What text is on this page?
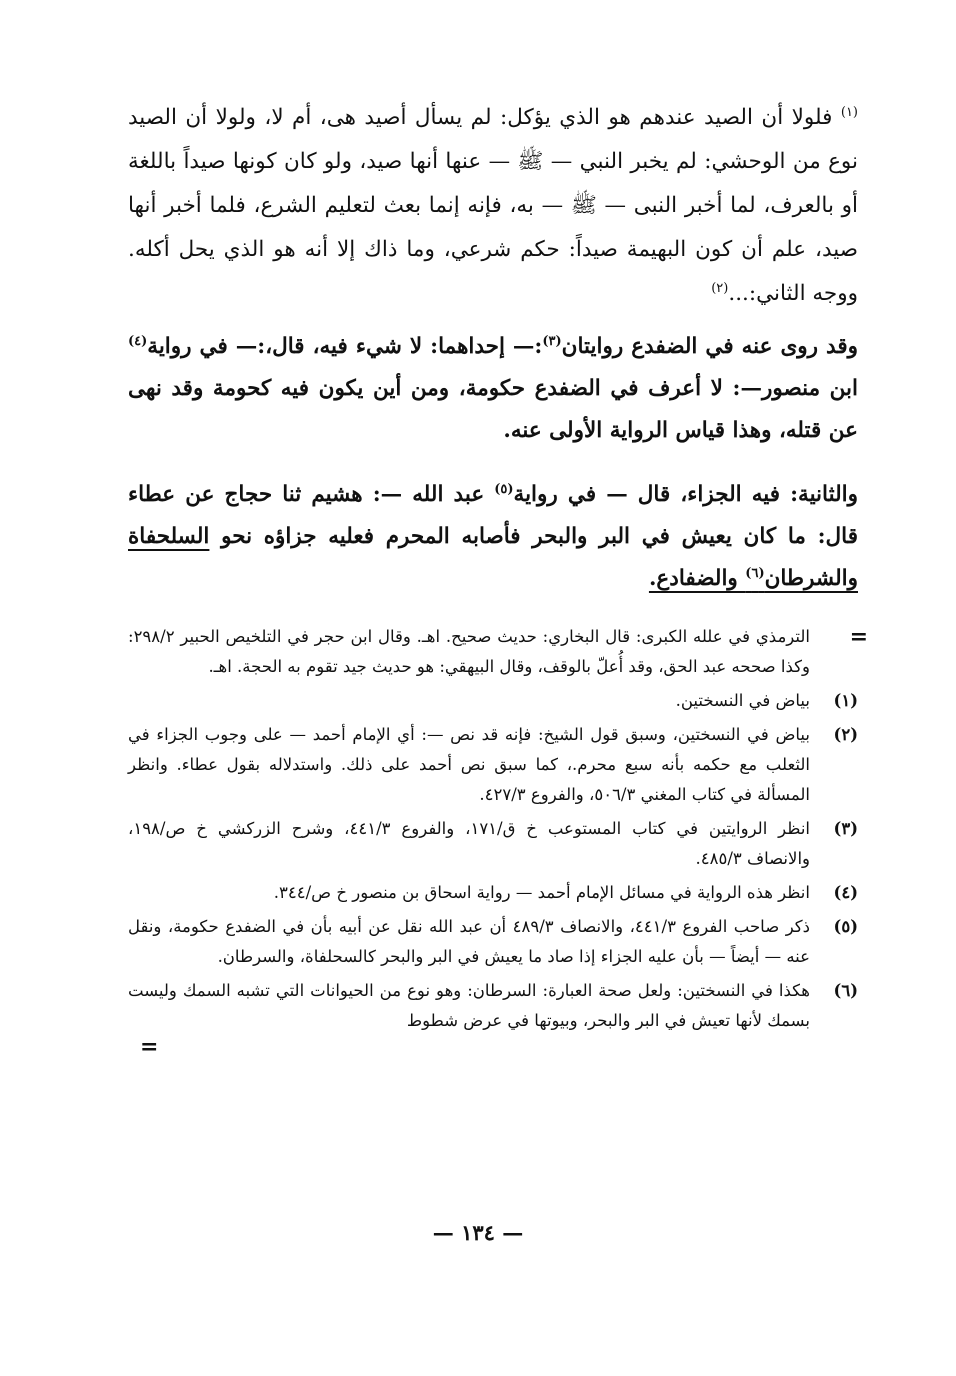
$^{(١)}$ فلولا أن الصيد عندهم هو الذي يؤكل: لم يسأل أصيد هى، أم لا، ولولا أن الصيد نوع من الوحشي: لم يخبر النبي — ﷺ — عنها أنها صيد، ولو كان كونها صيداً باللغة أو بالعرف، لما أخبر النبى — ﷺ — به، فإنه إنما بعث لتعليم الشرع، فلما أخبر أنها صيد، علم أن كون البهيمة صيداً: حكم شرعي، وما ذاك إلا أنه هو الذي يحل أكله. ووجه الثاني:...$^{(٢)}$

وقد روى عنه في الضفدع روايتان$^{(٣)}$:— إحداهما: لا شيء فيه، قال،:— في رواية$^{(٤)}$ ابن منصور—: لا أعرف في الضفدع حكومة، ومن أين يكون فيه كحومة وقد نهى عن قتله، وهذا قياس الرواية الأولى عنه.

والثانية: فيه الجزاء، قال — في رواية$^{(٥)}$ عبد الله —: هشيم ثنا حجاج عن عطاء قال: ما كان يعيش في البر والبحر فأصابه المحرم فعليه جزاؤه نحو السلحفاة والشرطان$^{(٦)}$ والضفادع.

=
الترمذي في علله الكبرى: قال البخاري: حديث صحيح. اهـ. وقال ابن حجر في التلخيص الحبير ٢٩٨/٢: وكذا صححه عبد الحق، وقد أُعلّ بالوقف، وقال البيهقي: هو حديث جيد تقوم به الحجة. اهـ.
(١)
بياض في النسختين.
(٢)
بياض في النسختين، وسبق قول الشيخ: فإنه قد نص —: أي الإمام أحمد — على وجوب الجزاء في الثعلب مع حكمه بأنه سبع محرم.، كما سبق نص أحمد على ذلك. واستدلاله بقول عطاء. وانظر المسألة في كتاب المغني ٥٠٦/٣، والفروع ٤٢٧/٣.
(٣)
انظر الروايتين في كتاب المستوعب خ ق/١٧١، والفروع ٤٤١/٣، وشرح الزركشي خ ص/١٩٨، والانصاف ٤٨٥/٣.
(٤)
انظر هذه الرواية في مسائل الإمام أحمد — رواية اسحاق بن منصور خ ص/٣٤٤.
(٥)
ذكر صاحب الفروع ٤٤١/٣، والانصاف ٤٨٩/٣ أن عبد الله نقل عن أبيه بأن في الضفدع حكومة، ونقل عنه — أيضاً — بأن عليه الجزاء إذا صاد ما يعيش في البر والبحر كالسحلفاة، والسرطان.
(٦)
هكذا في النسختين: ولعل صحة العبارة: السرطان: وهو نوع من الحيوانات التي تشبه السمك وليست بسمك لأنها تعيش في البر والبحر، وبيوتها في عرض شطوط
=
— ١٣٤ —
